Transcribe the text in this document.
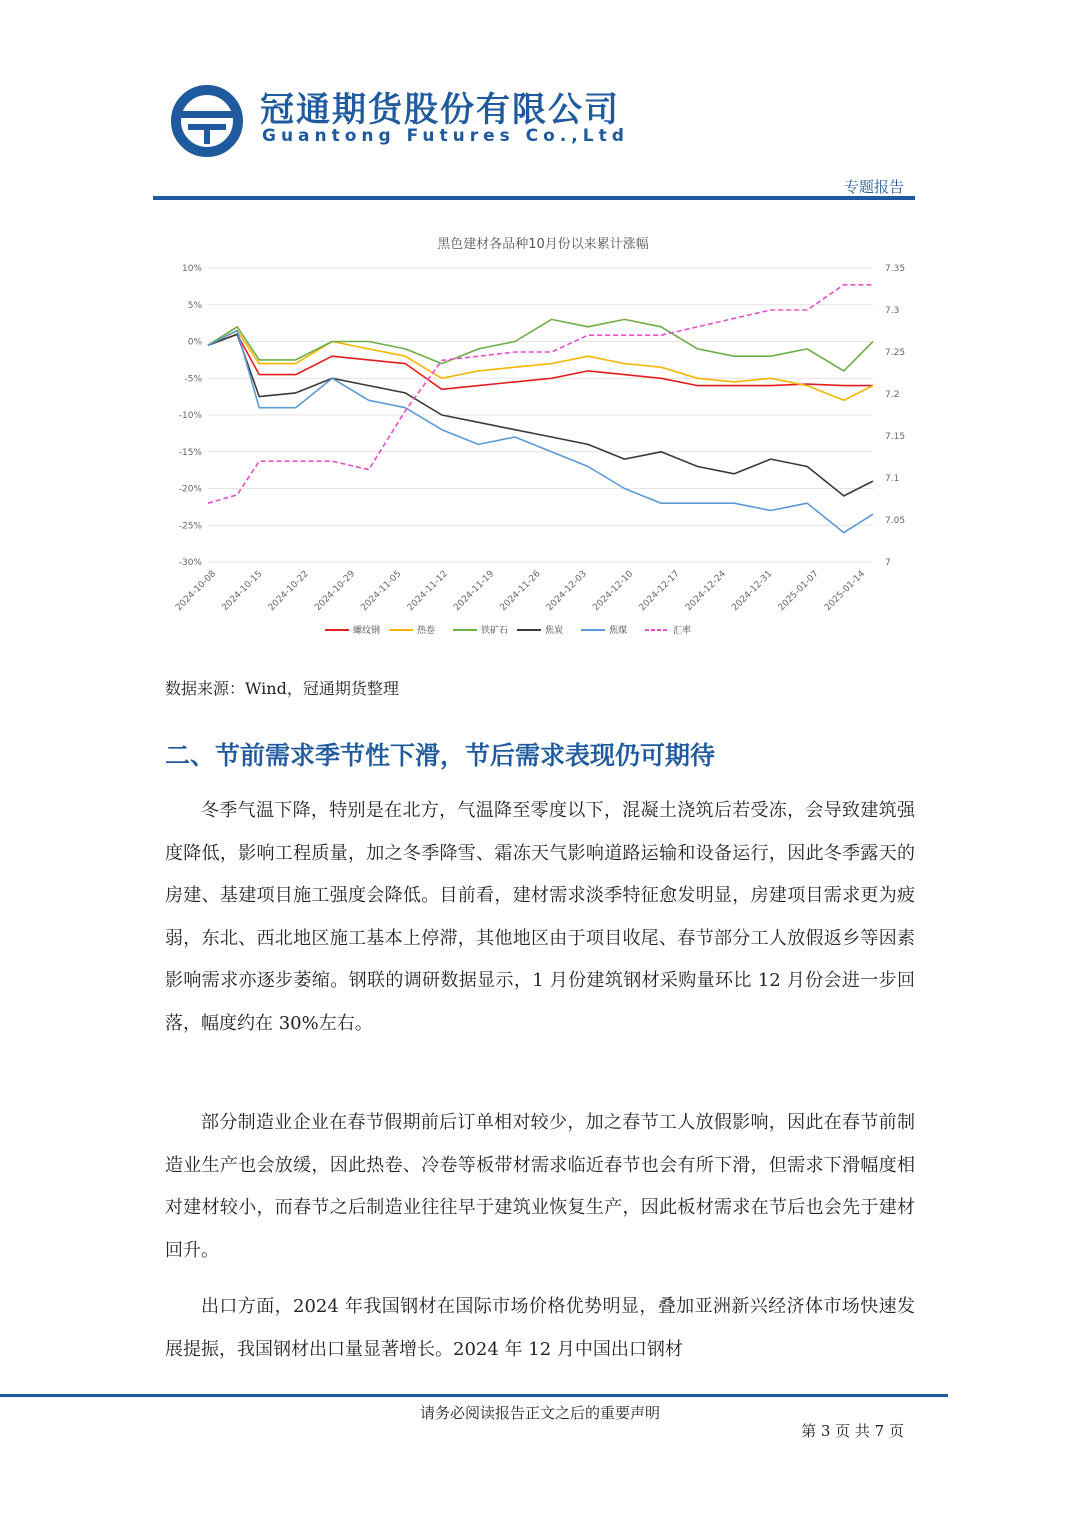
冠通期货股份有限公司
Guantong Futures Co.,Ltd
专题报告
黑色建材各品种10月份以来累计涨幅
10%
5%
0%
-5%
-10%
-15%
-20%
-25%
-30%
7.35
7.3
7.25
7.2
7.15
7.1
7.05
7
2024-10-08 2024-10-15 2024-10-22 2024-10-29 2024-11-05 2024-11-12 2024-11-19 2024-11-26 2024-12-03 2024-12-10 2024-12-17 2024-12-24 2024-12-31 2025-01-07 2025-01-14
螺纹钢	热卷	铁矿石	焦炭	焦煤	汇率
数据来源：Wind，冠通期货整理
二、节前需求季节性下滑，节后需求表现仍可期待

冬季气温下降，特别是在北方，气温降至零度以下，混凝土浇筑后若受冻，会导致建筑强度降低，影响工程质量，加之冬季降雪、霜冻天气影响道路运输和设备运行，因此冬季露天的房建、基建项目施工强度会降低。目前看，建材需求淡季特征愈发明显，房建项目需求更为疲弱，东北、西北地区施工基本上停滞，其他地区由于项目收尾、春节部分工人放假返乡等因素影响需求亦逐步萎缩。钢联的调研数据显示，1 月份建筑钢材采购量环比 12 月份会进一步回落，幅度约在 30%左右。

部分制造业企业在春节假期前后订单相对较少，加之春节工人放假影响，因此在春节前制造业生产也会放缓，因此热卷、冷卷等板带材需求临近春节也会有所下滑，但需求下滑幅度相对建材较小，而春节之后制造业往往早于建筑业恢复生产，因此板材需求在节后也会先于建材回升。

出口方面，2024 年我国钢材在国际市场价格优势明显，叠加亚洲新兴经济体市场快速发展提振，我国钢材出口量显著增长。2024 年 12 月中国出口钢材

请务必阅读报告正文之后的重要声明
第 3 页 共 7 页
